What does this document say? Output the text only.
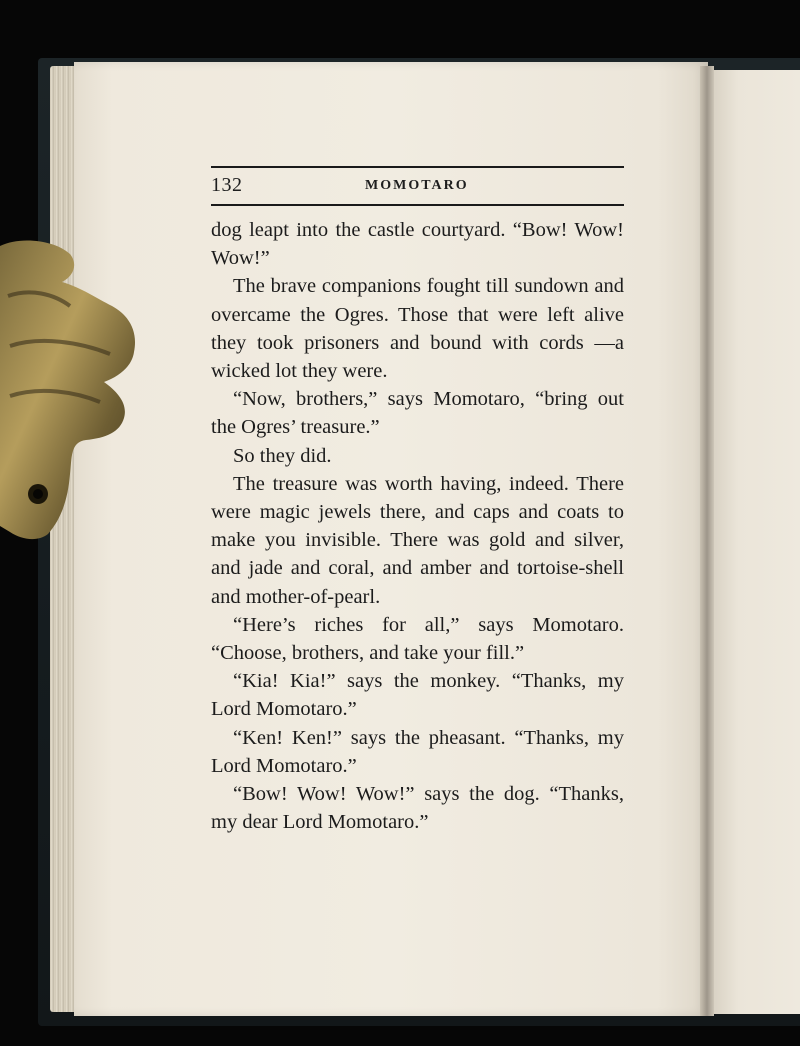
132	MOMOTARO

dog leapt into the castle courtyard. “Bow! Wow! Wow!”

The brave companions fought till sundown and overcame the Ogres. Those that were left alive they took prisoners and bound with cords —a wicked lot they were.

“Now, brothers,” says Momotaro, “bring out the Ogres’ treasure.”

So they did.

The treasure was worth having, indeed. There were magic jewels there, and caps and coats to make you invisible. There was gold and silver, and jade and coral, and amber and tortoise-shell and mother-of-pearl.

“Here’s riches for all,” says Momotaro. “Choose, brothers, and take your fill.”

“Kia! Kia!” says the monkey. “Thanks, my Lord Momotaro.”

“Ken! Ken!” says the pheasant. “Thanks, my Lord Momotaro.”

“Bow! Wow! Wow!” says the dog. “Thanks, my dear Lord Momotaro.”
